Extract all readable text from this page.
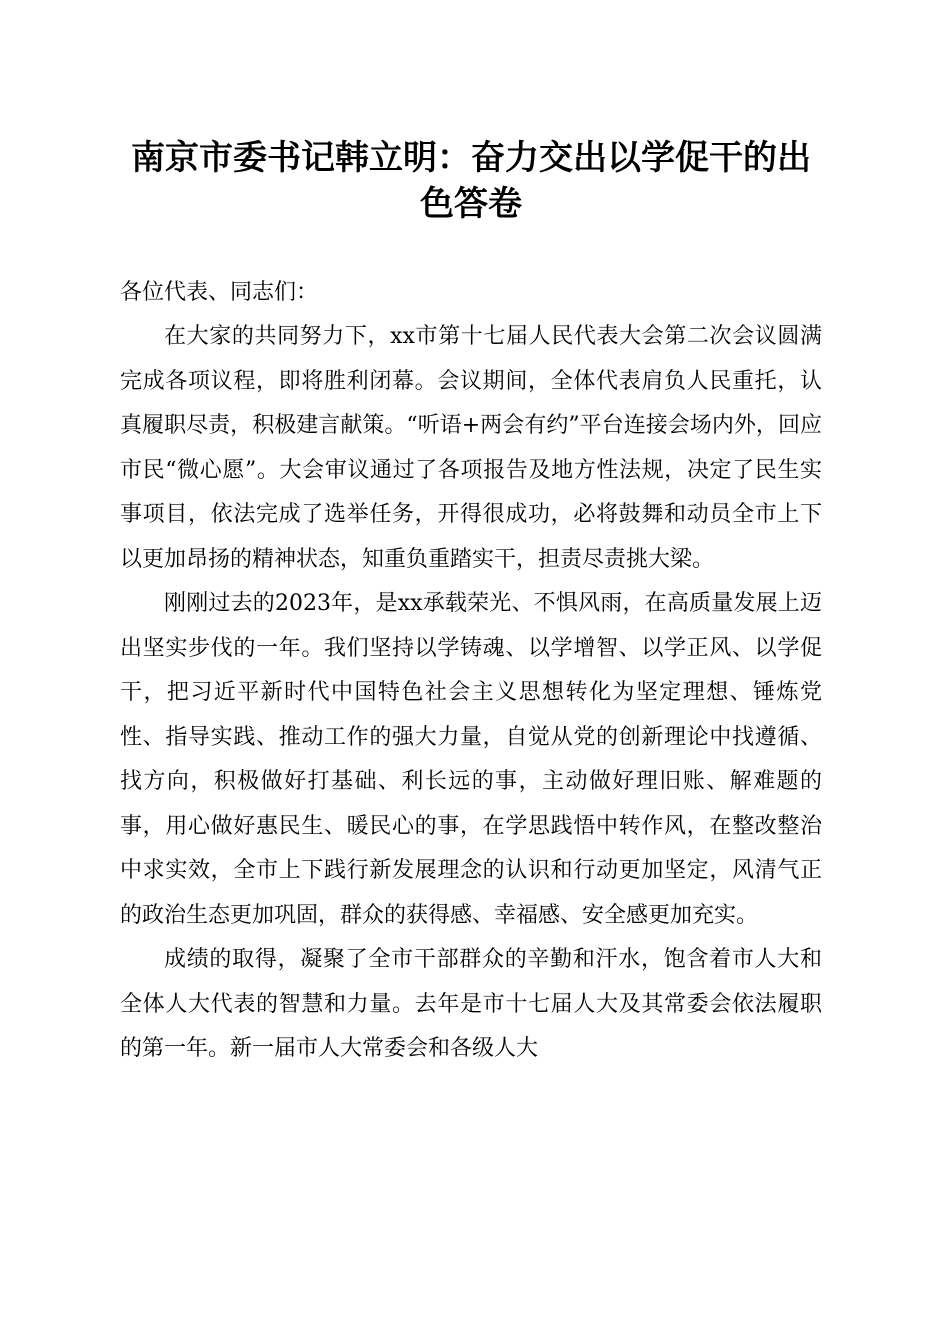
南京市委书记韩立明：奋力交出以学促干的出
色答卷

各位代表、同志们：

在大家的共同努力下，xx市第十七届人民代表大会第二次会议圆满完成各项议程，即将胜利闭幕。会议期间，全体代表肩负人民重托，认真履职尽责，积极建言献策。“听语+两会有约”平台连接会场内外，回应市民“微心愿”。大会审议通过了各项报告及地方性法规，决定了民生实事项目，依法完成了选举任务，开得很成功，必将鼓舞和动员全市上下以更加昂扬的精神状态，知重负重踏实干，担责尽责挑大梁。

刚刚过去的2023年，是xx承载荣光、不惧风雨，在高质量发展上迈出坚实步伐的一年。我们坚持以学铸魂、以学增智、以学正风、以学促干，把习近平新时代中国特色社会主义思想转化为坚定理想、锤炼党性、指导实践、推动工作的强大力量，自觉从党的创新理论中找遵循、找方向，积极做好打基础、利长远的事，主动做好理旧账、解难题的事，用心做好惠民生、暖民心的事，在学思践悟中转作风，在整改整治中求实效，全市上下践行新发展理念的认识和行动更加坚定，风清气正的政治生态更加巩固，群众的获得感、幸福感、安全感更加充实。

成绩的取得，凝聚了全市干部群众的辛勤和汗水，饱含着市人大和全体人大代表的智慧和力量。去年是市十七届人大及其常委会依法履职的第一年。新一届市人大常委会和各级人大
